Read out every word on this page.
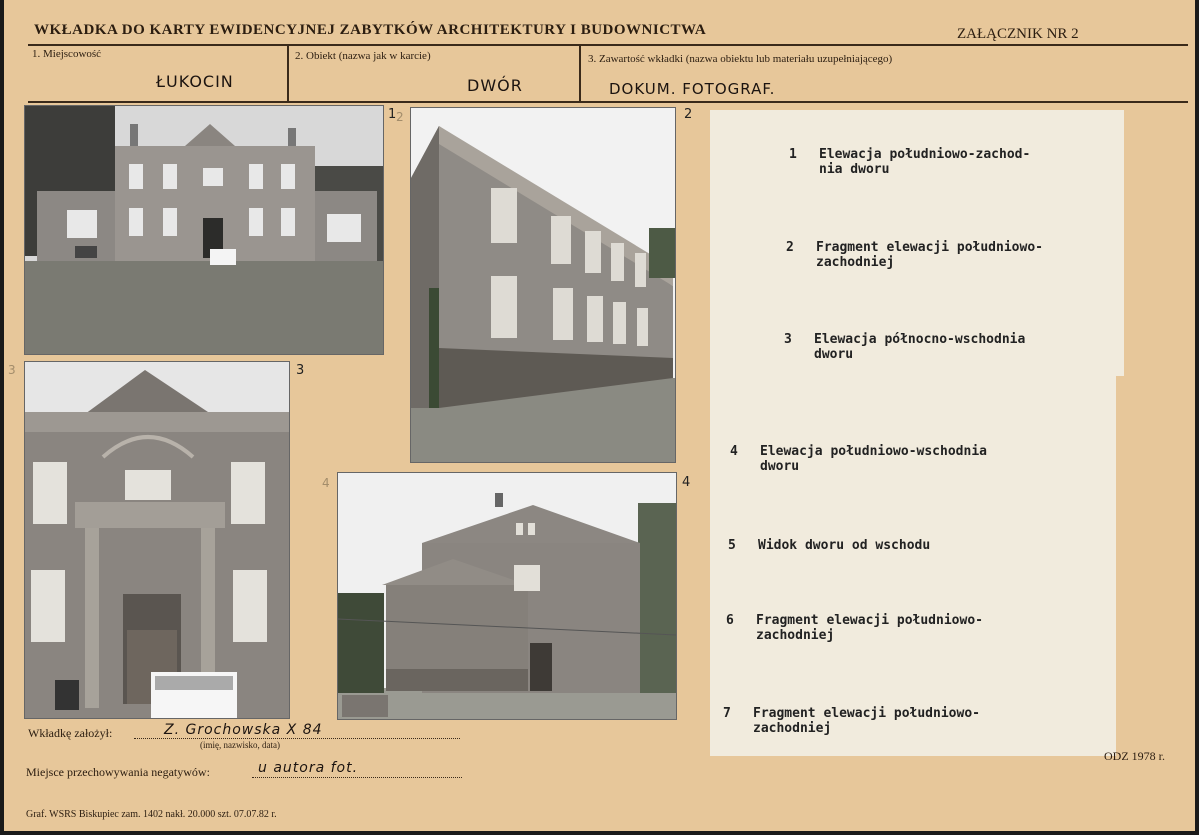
WKŁADKA DO KARTY EWIDENCYJNEJ ZABYTKÓW ARCHITEKTURY I BUDOWNICTWA	ZAŁĄCZNIK NR 2
1. Miejscowość
ŁUKOCIN
2. Obiekt (nazwa jak w karcie)
DWÓR
3. Zawartość wkładki (nazwa obiektu lub materiału uzupełniającego)
DOKUM. FOTOGRAF.
1 2	2
3	3
4	4
1 Elewacja południowo-zachod-
nia dworu
2 Fragment elewacji południowo-
zachodniej
3 Elewacja północno-wschodnia
dworu
4 Elewacja południowo-wschodnia
dworu
5 Widok dworu od wschodu
6 Fragment elewacji południowo-
zachodniej
7 Fragment elewacji południowo-
zachodniej
Wkładkę założył:	Z. Grochowska X 84
(imię, nazwisko, data)
Miejsce przechowywania negatywów:	u autora fot.
ODZ 1978 r.
Graf. WSRS Biskupiec zam. 1402 nakł. 20.000 szt. 07.07.82 r.
